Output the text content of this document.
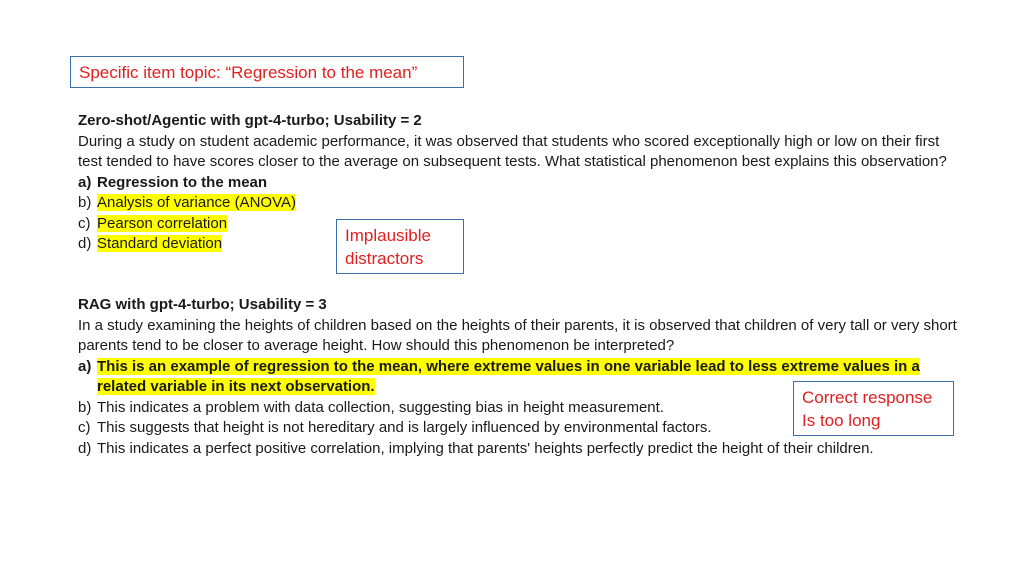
Specific item topic: “Regression to the mean”
Zero-shot/Agentic with gpt-4-turbo; Usability = 2
During a study on student academic performance, it was observed that students who scored exceptionally high or low on their first test tended to have scores closer to the average on subsequent tests. What statistical phenomenon best explains this observation?
a) Regression to the mean
b) Analysis of variance (ANOVA)
c) Pearson correlation
d) Standard deviation	Implausible
distractors
RAG with gpt-4-turbo; Usability = 3
In a study examining the heights of children based on the heights of their parents, it is observed that children of very tall or very short parents tend to be closer to average height. How should this phenomenon be interpreted?
a) This is an example of regression to the mean, where extreme values in one variable lead to less extreme values in a related variable in its next observation.
b) This indicates a problem with data collection, suggesting bias in height measurement.
c) This suggests that height is not hereditary and is largely influenced by environmental factors.
d) This indicates a perfect positive correlation, implying that parents' heights perfectly predict the height of their children.
Correct response
Is too long
